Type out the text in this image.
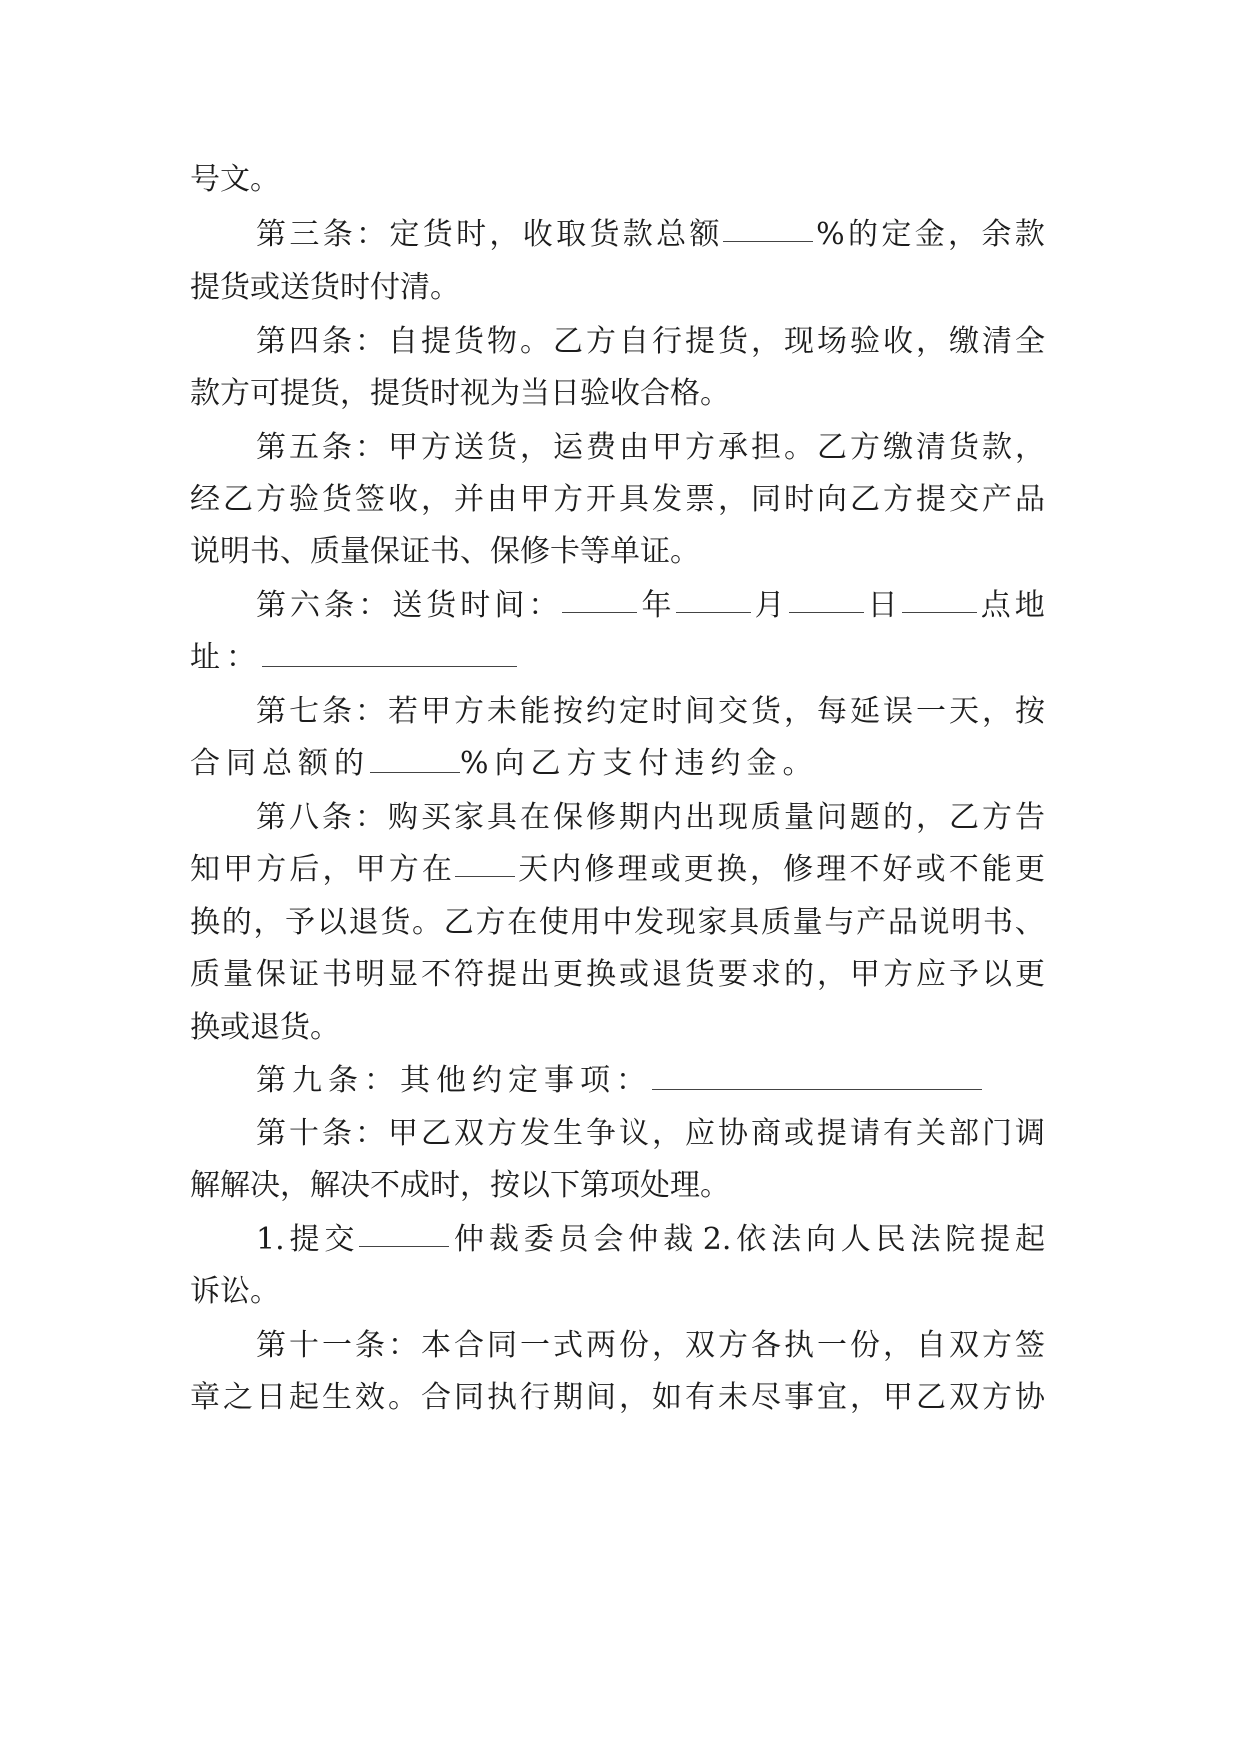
号文。
第 三 条 ： 定 货 时 ， 收 取 货 款 总 额	% 的 定 金 ， 余 款
提货或送货时付清。
第 四 条 ： 自 提 货 物 。 乙 方 自 行 提 货 ， 现 场 验 收 ， 缴 清 全
款方可提货，提货时视为当日验收合格。
第 五 条 ： 甲 方 送 货 ， 运 费 由 甲 方 承 担 。 乙 方 缴 清 货 款 ，
经 乙 方 验 货 签 收 ， 并 由 甲 方 开 具 发 票 ， 同 时 向 乙 方 提 交 产 品
说明书、质量保证书、保修卡等单证。
第 六 条 ： 送 货 时 间 ：	年	月	日	点 地
址：
第 七 条 ： 若 甲 方 未 能 按 约 定 时 间 交 货 ， 每 延 误 一 天 ， 按
合同总额的	%向乙方支付违约金。
第 八 条 ： 购 买 家 具 在 保 修 期 内 出 现 质 量 问 题 的 ， 乙 方 告
知 甲 方 后 ， 甲 方 在 天 内 修 理 或 更 换 ， 修 理 不 好 或 不 能 更
换 的 ， 予 以 退 货 。 乙 方 在 使 用 中 发 现 家 具 质 量 与 产 品 说 明 书 、
质 量 保 证 书 明 显 不 符 提 出 更 换 或 退 货 要 求 的 ， 甲 方 应 予 以 更
换或退货。
第九条：其他约定事项：
第 十 条 ： 甲 乙 双 方 发 生 争 议 ， 应 协 商 或 提 请 有 关 部 门 调
解解决，解决不成时，按以下第项处理。
1. 提 交	仲 裁 委 员 会 仲 裁 2. 依 法 向 人 民 法 院 提 起
诉讼。
第 十 一 条 ： 本 合 同 一 式 两 份 ， 双 方 各 执 一 份 ， 自 双 方 签
章 之 日 起 生 效 。 合 同 执 行 期 间 ， 如 有 未 尽 事 宜 ， 甲 乙 双 方 协
